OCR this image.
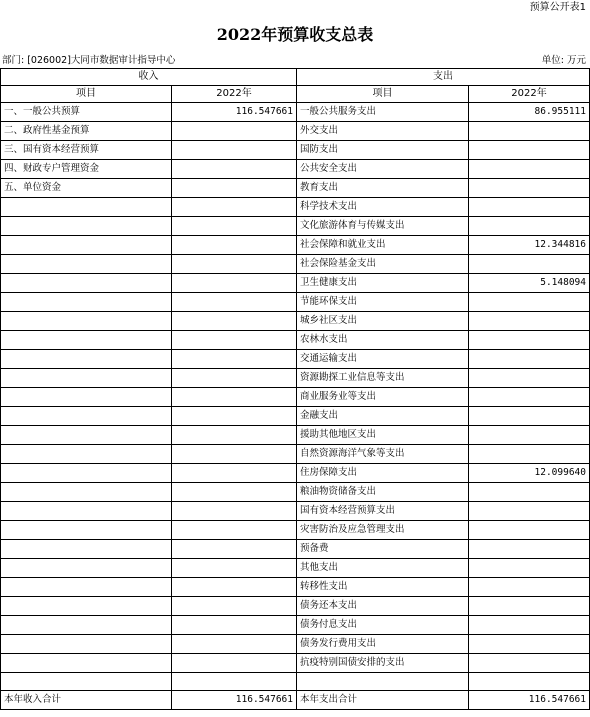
预算公开表1
2022年预算收支总表
部门: [026002]大同市数据审计指导中心	单位: 万元
收入		支出	
项目	2022年	项目	2022年
一、一般公共预算	116.547661	一般公共服务支出	86.955111
二、政府性基金预算		外交支出	
三、国有资本经营预算		国防支出	
四、财政专户管理资金		公共安全支出	
五、单位资金		教育支出	
		科学技术支出	
		文化旅游体育与传媒支出	
		社会保障和就业支出	12.344816
		社会保险基金支出	
		卫生健康支出	5.148094
		节能环保支出	
		城乡社区支出	
		农林水支出	
		交通运输支出	
		资源勘探工业信息等支出	
		商业服务业等支出	
		金融支出	
		援助其他地区支出	
		自然资源海洋气象等支出	
		住房保障支出	12.099640
		粮油物资储备支出	
		国有资本经营预算支出	
		灾害防治及应急管理支出	
		预备费	
		其他支出	
		转移性支出	
		债务还本支出	
		债务付息支出	
		债务发行费用支出	
		抗疫特别国债安排的支出	

本年收入合计	116.547661	本年支出合计	116.547661
